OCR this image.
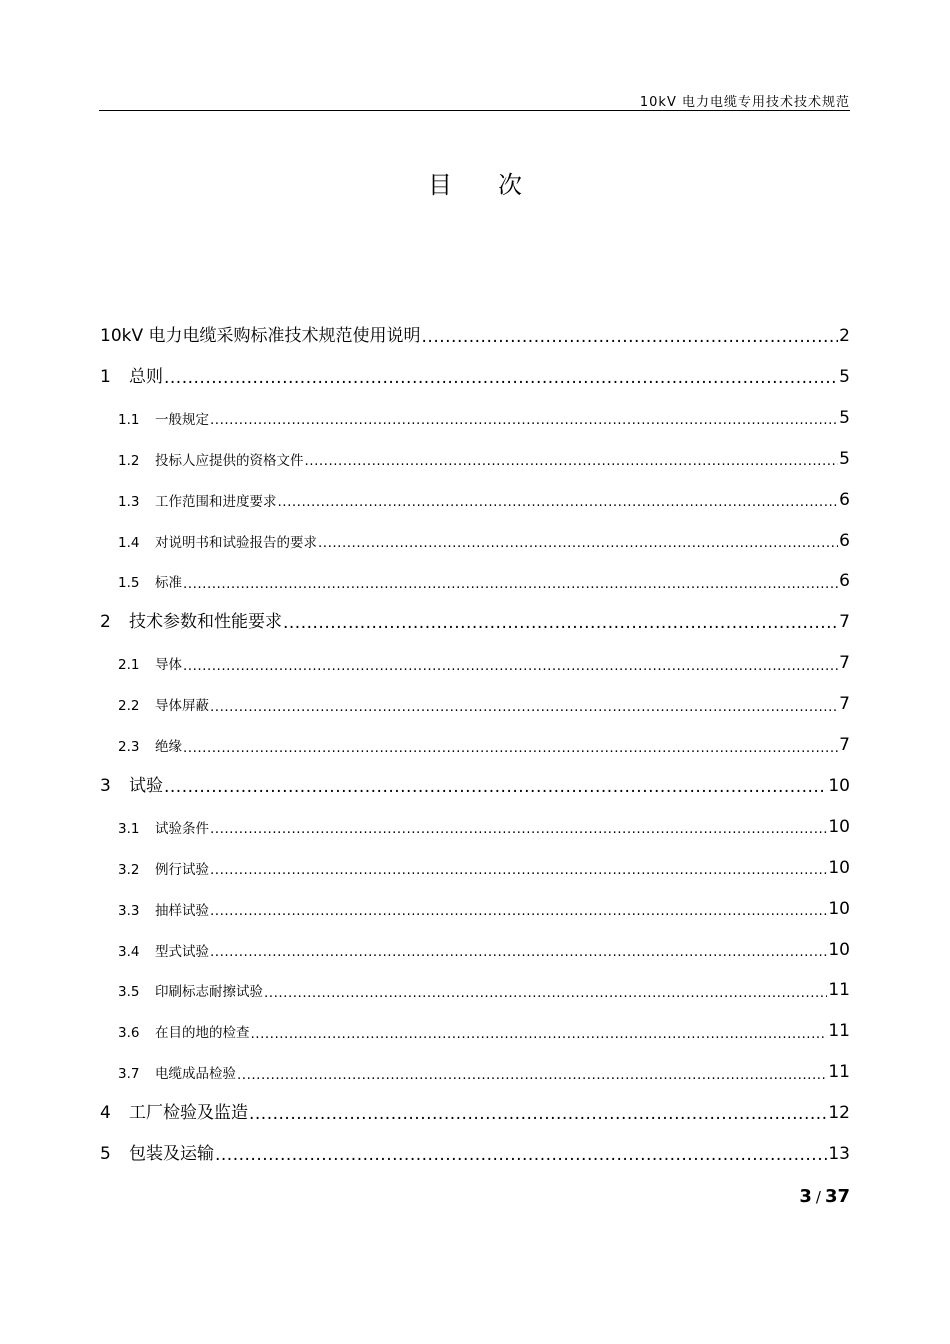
10kV 电力电缆专用技术技术规范
目次
10kV 电力电缆采购标准技术规范使用说明 .....	2
1	总则 .....	5
1.1	一般规定 .....	5
1.2	投标人应提供的资格文件 .....	5
1.3	工作范围和进度要求 .....	6
1.4	对说明书和试验报告的要求 .....	6
1.5	标准 .....	6
2	技术参数和性能要求 .....	7
2.1	导体 .....	7
2.2	导体屏蔽 .....	7
2.3	绝缘 .....	7
3	试验 .....	10
3.1	试验条件 .....	10
3.2	例行试验 .....	10
3.3	抽样试验 .....	10
3.4	型式试验 .....	10
3.5	印刷标志耐擦试验 .....	11
3.6	在目的地的检查 .....	11
3.7	电缆成品检验 .....	11
4	工厂检验及监造 .....	12
5	包装及运输 .....	13
3 / 37
